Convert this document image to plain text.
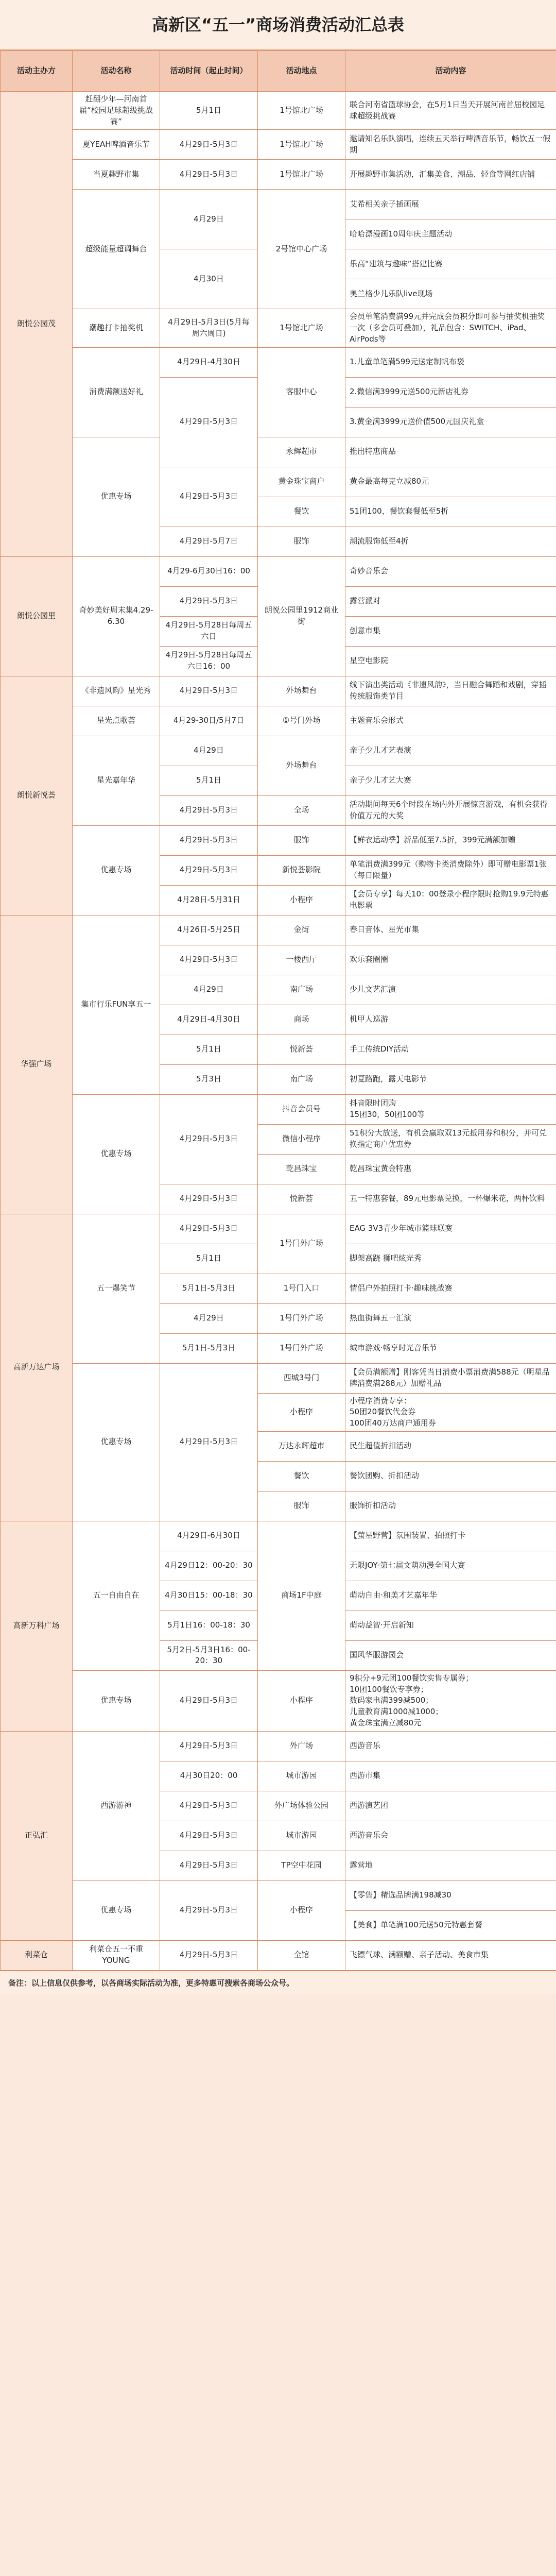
高新区“五一”商场消费活动汇总表
活动主办方	活动名称	活动时间（起止时间）	活动地点	活动内容
朗悦公园茂	赶翻少年—河南首届“校园足球超级挑战赛”	5月1日	1号馆北广场	联合河南省篮球协会，在5月1日当天开展河南首届校园足球超级挑战赛
	夏YEAH啤酒音乐节	4月29日-5月3日	1号馆北广场	邀请知名乐队演唱，连续五天举行啤酒音乐节，畅饮五一假期
	当夏趣野市集	4月29日-5月3日	1号馆北广场	开展趣野市集活动，汇集美食、潮品、轻食等网红店铺
	超级能量超调舞台	4月29日	2号馆中心广场	艾希相关亲子插画展
				哈哈漂漫画10周年庆主题活动
		4月30日		乐高“建筑与趣味”搭建比赛
				奥兰格少儿乐队live现场
	潮趣打卡抽奖机	4月29日-5月3日(5月每周六周日)	1号馆北广场	会员单笔消费满99元并完成会员积分即可参与抽奖机抽奖一次（多会员可叠加），礼品包含：SWITCH、iPad、AirPods等
	消费满额送好礼	4月29日-4月30日	客服中心	1.儿童单笔满599元送定制帆布袋
		4月29日-5月3日		2.微信满3999元送500元新店礼券
				3.黄金满3999元送价值500元国庆礼盒
	优惠专场		永辉超市	推出特惠商品
		4月29日-5月3日	黄金珠宝商户	黄金最高每克立减80元
			餐饮	51团100，餐饮套餐低至5折
		4月29日-5月7日	服饰	潮流服饰低至4折
朗悦公园里	奇妙美好周末集4.29-6.30	4月29-6月30日16：00	朗悦公园里1912商业街	奇妙音乐会
		4月29日-5月3日		露营派对
		4月29日-5月28日每周五六日		创意市集
		4月29日-5月28日每周五六日16：00		星空电影院
朗悦新悦荟	《非遗风韵》星光秀	4月29日-5月3日	外场舞台	线下演出类活动《非遗风韵》，当日融合舞蹈和戏剧，穿插传统服饰类节目
	星光点歌荟	4月29-30日/5月7日	①号门外场	主题音乐会形式
	星光嘉年华	4月29日	外场舞台	亲子少儿才艺表演
		5月1日		亲子少儿才艺大赛
		4月29日-5月3日	全场	活动期间每天6个时段在场内外开展惊喜游戏，有机会获得价值万元的大奖
	优惠专场	4月29日-5月3日	服饰	【鲜衣运动季】新品低至7.5折，399元满额加赠
		4月29日-5月3日	新悦荟影院	单笔消费满399元（购物卡类消费除外）即可赠电影票1张（每日限量）
		4月28日-5月31日	小程序	【会员专享】每天10：00登录小程序限时抢购19.9元特惠电影票
华强广场	集市行乐FUN享五一	4月26日-5月25日	金街	春日音体、星光市集
		4月29日-5月3日	一楼西厅	欢乐套圈圈
		4月29日	南广场	少儿文艺汇演
		4月29日-4月30日	商场	机甲人巡游
		5月1日	悦新荟	手工传统DIY活动
		5月3日	南广场	初夏路跑，露天电影节
	优惠专场	4月29日-5月3日	抖音会员号	抖音限时团购
15团30，50团100等
			微信小程序	51积分大放送，有机会赢取双13元抵用券和积分，并可兑换指定商户优惠券
			乾昌珠宝	乾昌珠宝黄金特惠
		4月29日-5月3日	悦新荟	五一特惠套餐，89元电影票兑换，一杯爆米花，两杯饮料
高新万达广场	五一爆笑节	4月29日-5月3日	1号门外广场	EAG 3V3青少年城市篮球联赛
		5月1日		脚架高跷 狮吧炫光秀
		5月1日-5月3日	1号门入口	情侣户外拍照打卡·趣味挑战赛
		4月29日	1号门外广场	热血街舞五一汇演
		5月1日-5月3日	1号门外广场	城市游戏·畅享时光音乐节
	优惠专场	4月29日-5月3日	西城3号门	【会员满额赠】刚客凭当日消费小票消费满588元（明星品牌消费满288元）加赠礼品
			小程序	小程序消费专享：
50团20餐饮代金券
100团40万达商户通用券
			万达永辉超市	民生超值折扣活动
			餐饮	餐饮团购、折扣活动
			服饰	服饰折扣活动
高新万科广场	五一自由自在	4月29日-6月30日	商场1F中庭	【萤星野营】氛围装置、拍照打卡
		4月29日12：00-20：30		无限JOY·第七届文萌动漫全国大赛
		4月30日15：00-18：30		萌动自由·和美才艺嘉年华
		5月1日16：00-18：30		萌动益智·开启新知
		5月2日-5月3日16：00-20：30		国风华服游园会
	优惠专场	4月29日-5月3日	小程序	9积分+9元团100餐饮实售专属券；
10团100餐饮专享券；
数码家电满399减500；
儿童教育满1000减1000；
黄金珠宝满立减80元
正弘汇	西游游神	4月29日-5月3日	外广场	西游音乐
		4月30日20：00	城市游园	西游市集
		4月29日-5月3日	外广场体验公园	西游演艺团
		4月29日-5月3日	城市游园	西游音乐会
		4月29日-5月3日	TP空中花园	露营地
	优惠专场	4月29日-5月3日	小程序	【零售】精选品牌满198减30
				【美食】单笔满100元送50元特惠套餐
利菜仓	利菜仓五一不重YOUNG	4月29日-5月3日	全馆	飞镖气球、满额赠、亲子活动、美食市集
备注：以上信息仅供参考，以各商场实际活动为准，更多特惠可搜索各商场公众号。
